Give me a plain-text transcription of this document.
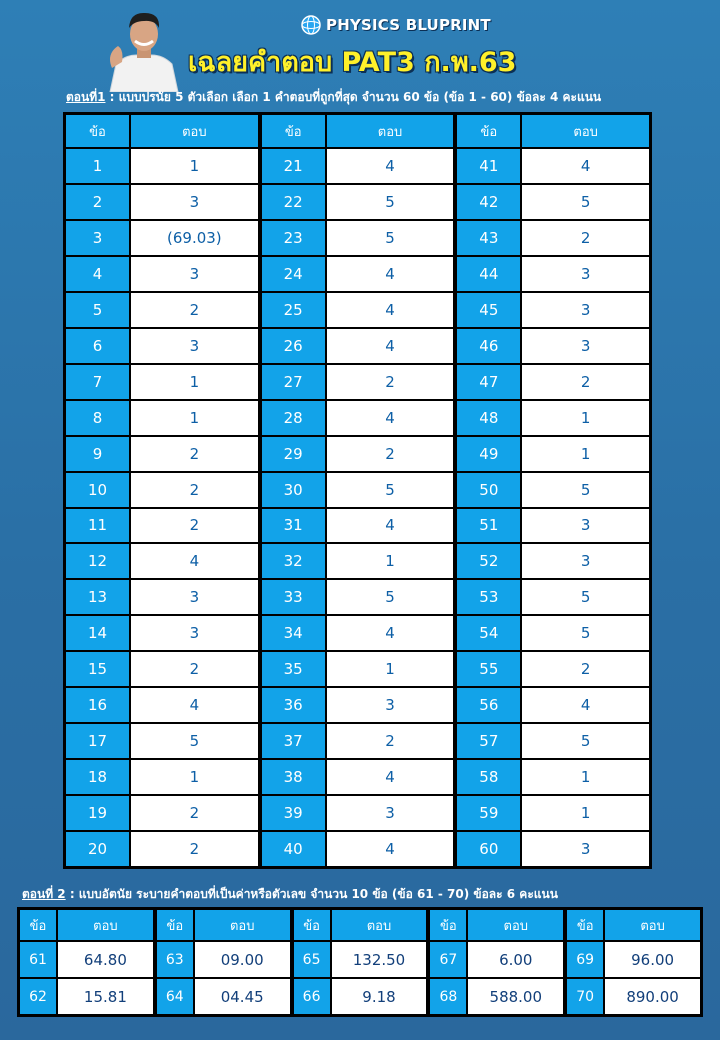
PHYSICS BLUPRINT
เฉลยคำตอบ PAT3 ก.พ.63
ตอนที่1 : แบบปรนัย 5 ตัวเลือก เลือก 1 คำตอบที่ถูกที่สุด จำนวน 60 ข้อ (ข้อ 1 - 60) ข้อละ 4 คะแนน
ข้อ	ตอบ
1	1
2	3
3	(69.03)
4	3
5	2
6	3
7	1
8	1
9	2
10	2
11	2
12	4
13	3
14	3
15	2
16	4
17	5
18	1
19	2
20	2
ข้อ	ตอบ
21	4
22	5
23	5
24	4
25	4
26	4
27	2
28	4
29	2
30	5
31	4
32	1
33	5
34	4
35	1
36	3
37	2
38	4
39	3
40	4
ข้อ	ตอบ
41	4
42	5
43	2
44	3
45	3
46	3
47	2
48	1
49	1
50	5
51	3
52	3
53	5
54	5
55	2
56	4
57	5
58	1
59	1
60	3
ตอนที่ 2 : แบบอัตนัย ระบายคำตอบที่เป็นค่าหรือตัวเลข จำนวน 10 ข้อ (ข้อ 61 - 70) ข้อละ 6 คะแนน
ข้อ	ตอบ
61	64.80
62	15.81
ข้อ	ตอบ
63	09.00
64	04.45
ข้อ	ตอบ
65	132.50
66	9.18
ข้อ	ตอบ
67	6.00
68	588.00
ข้อ	ตอบ
69	96.00
70	890.00
